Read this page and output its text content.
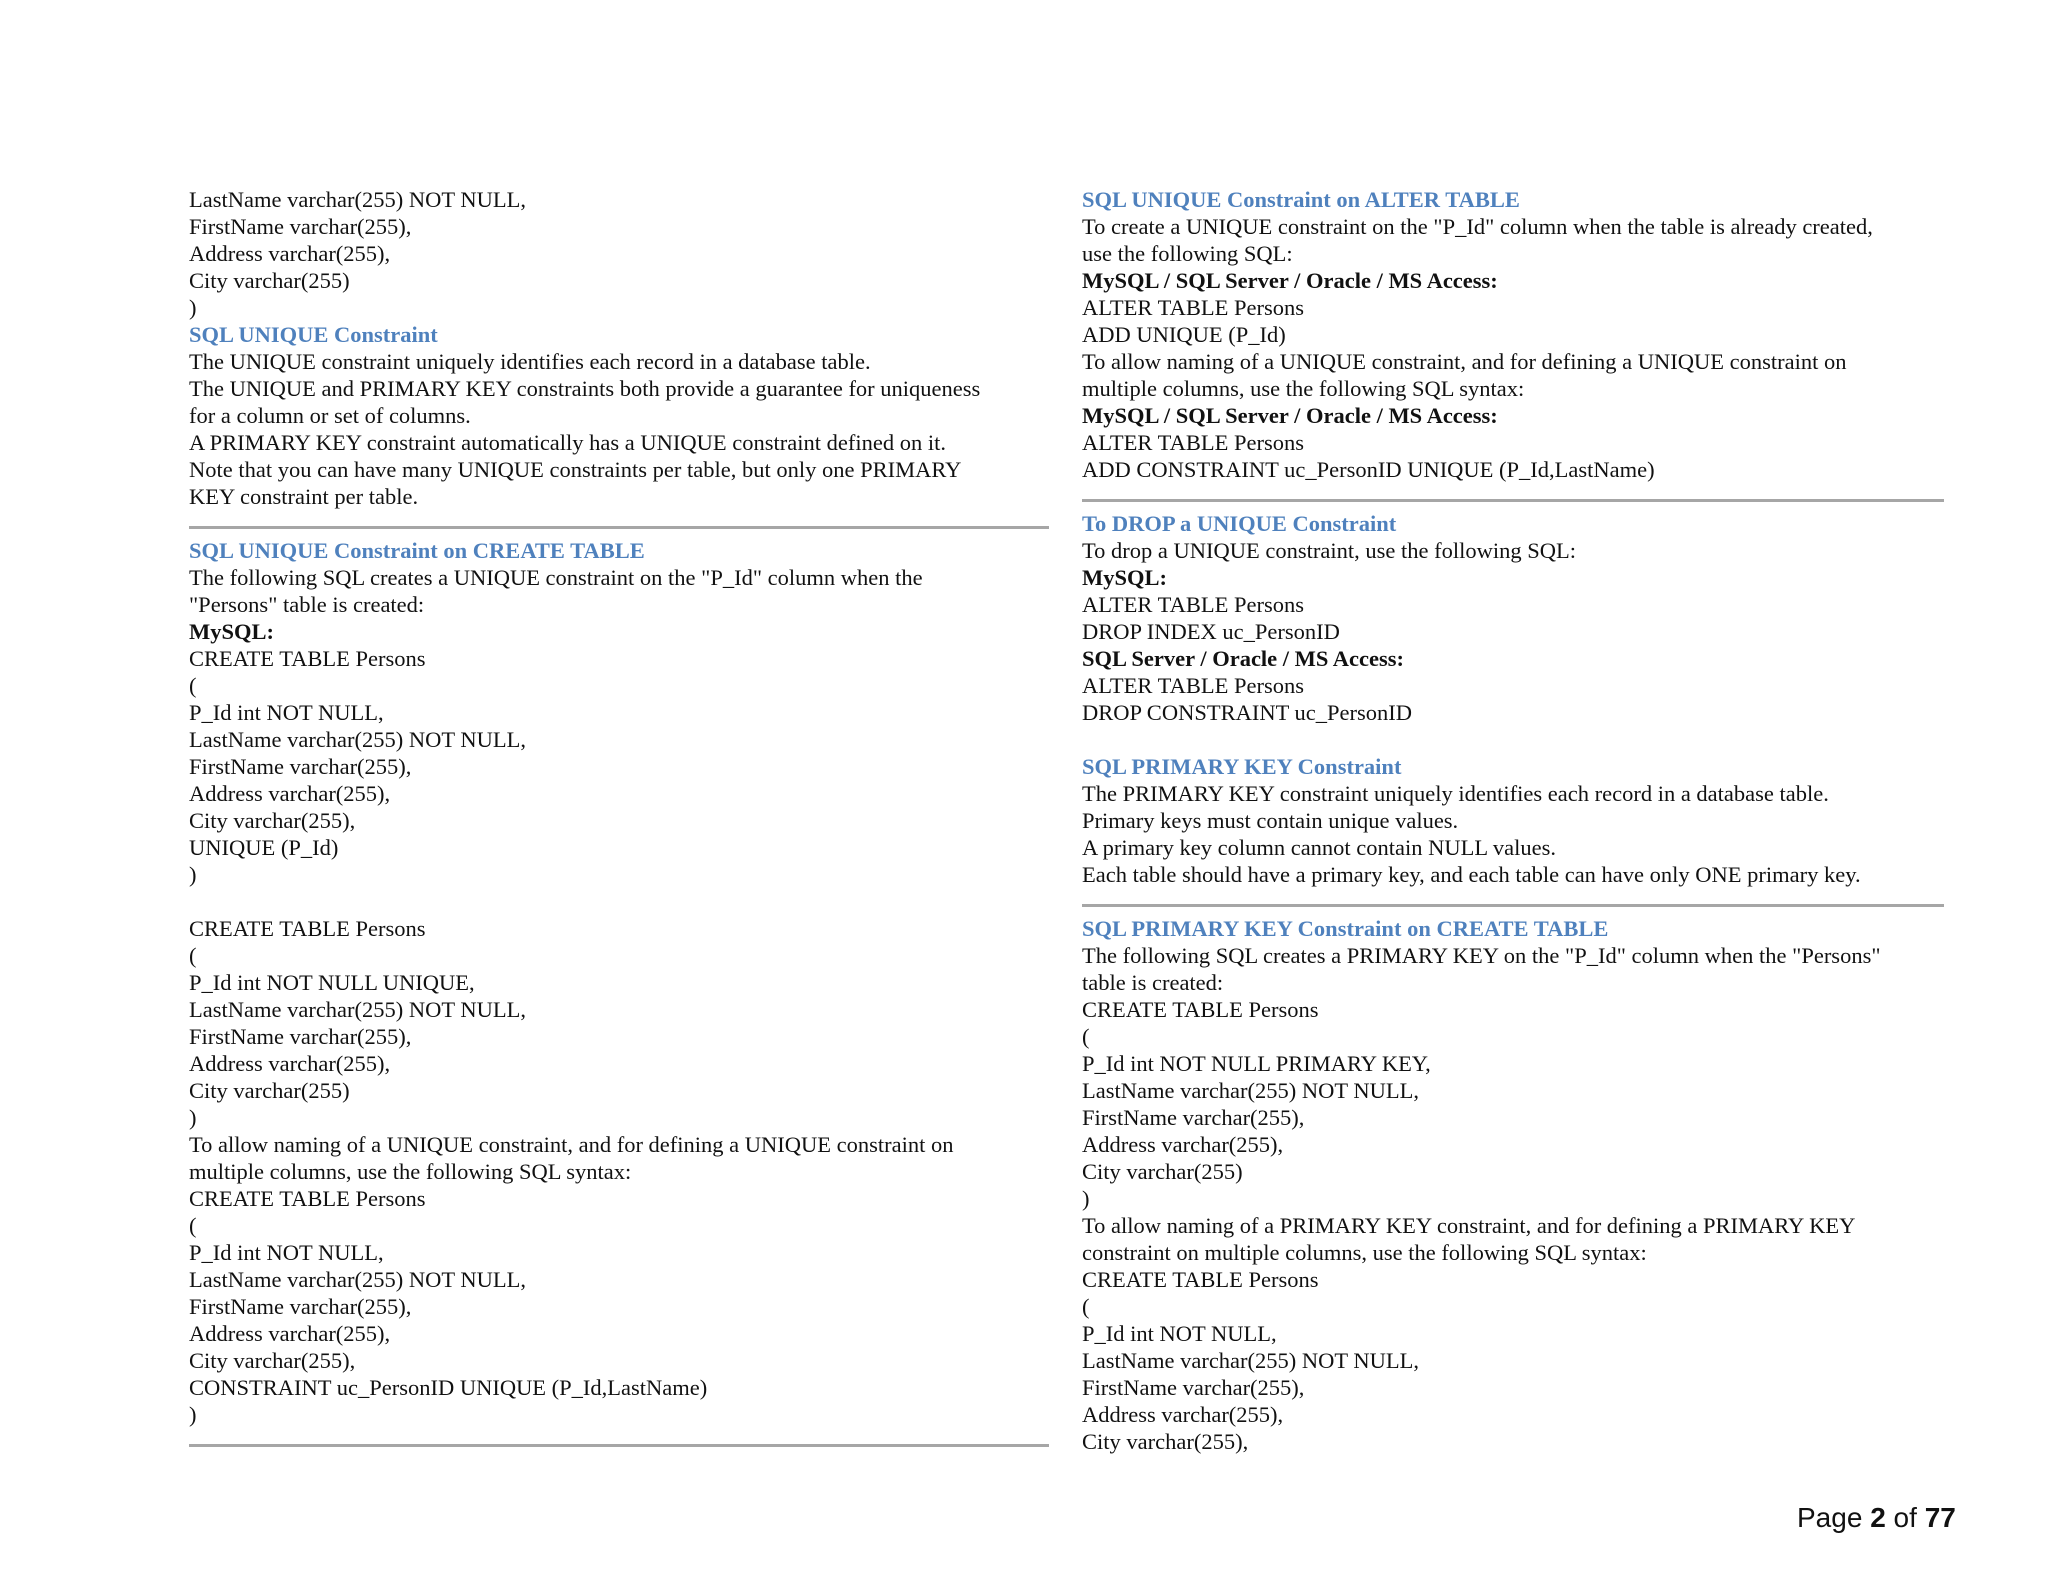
LastName varchar(255) NOT NULL,
FirstName varchar(255),
Address varchar(255),
City varchar(255)
)
SQL UNIQUE Constraint
The UNIQUE constraint uniquely identifies each record in a database table.
The UNIQUE and PRIMARY KEY constraints both provide a guarantee for uniqueness
for a column or set of columns.
A PRIMARY KEY constraint automatically has a UNIQUE constraint defined on it.
Note that you can have many UNIQUE constraints per table, but only one PRIMARY
KEY constraint per table.
SQL UNIQUE Constraint on CREATE TABLE
The following SQL creates a UNIQUE constraint on the "P_Id" column when the
"Persons" table is created:
MySQL:
CREATE TABLE Persons
(
P_Id int NOT NULL,
LastName varchar(255) NOT NULL,
FirstName varchar(255),
Address varchar(255),
City varchar(255),
UNIQUE (P_Id)
)
CREATE TABLE Persons
(
P_Id int NOT NULL UNIQUE,
LastName varchar(255) NOT NULL,
FirstName varchar(255),
Address varchar(255),
City varchar(255)
)
To allow naming of a UNIQUE constraint, and for defining a UNIQUE constraint on
multiple columns, use the following SQL syntax:
CREATE TABLE Persons
(
P_Id int NOT NULL,
LastName varchar(255) NOT NULL,
FirstName varchar(255),
Address varchar(255),
City varchar(255),
CONSTRAINT uc_PersonID UNIQUE (P_Id,LastName)
)
SQL UNIQUE Constraint on ALTER TABLE
To create a UNIQUE constraint on the "P_Id" column when the table is already created,
use the following SQL:
MySQL / SQL Server / Oracle / MS Access:
ALTER TABLE Persons
ADD UNIQUE (P_Id)
To allow naming of a UNIQUE constraint, and for defining a UNIQUE constraint on
multiple columns, use the following SQL syntax:
MySQL / SQL Server / Oracle / MS Access:
ALTER TABLE Persons
ADD CONSTRAINT uc_PersonID UNIQUE (P_Id,LastName)
To DROP a UNIQUE Constraint
To drop a UNIQUE constraint, use the following SQL:
MySQL:
ALTER TABLE Persons
DROP INDEX uc_PersonID
SQL Server / Oracle / MS Access:
ALTER TABLE Persons
DROP CONSTRAINT uc_PersonID
SQL PRIMARY KEY Constraint
The PRIMARY KEY constraint uniquely identifies each record in a database table.
Primary keys must contain unique values.
A primary key column cannot contain NULL values.
Each table should have a primary key, and each table can have only ONE primary key.
SQL PRIMARY KEY Constraint on CREATE TABLE
The following SQL creates a PRIMARY KEY on the "P_Id" column when the "Persons"
table is created:
CREATE TABLE Persons
(
P_Id int NOT NULL PRIMARY KEY,
LastName varchar(255) NOT NULL,
FirstName varchar(255),
Address varchar(255),
City varchar(255)
)
To allow naming of a PRIMARY KEY constraint, and for defining a PRIMARY KEY
constraint on multiple columns, use the following SQL syntax:
CREATE TABLE Persons
(
P_Id int NOT NULL,
LastName varchar(255) NOT NULL,
FirstName varchar(255),
Address varchar(255),
City varchar(255),
Page 2 of 77
